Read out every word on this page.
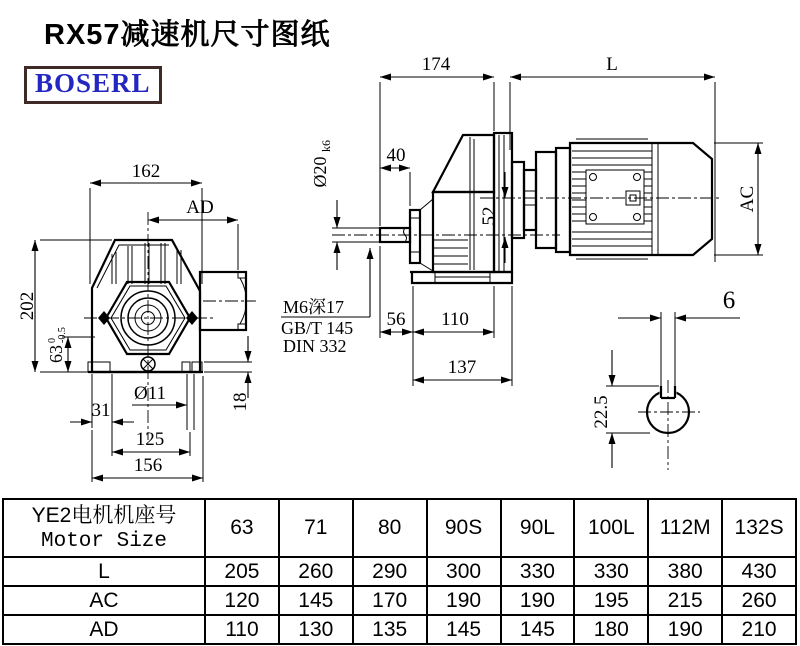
RX57减速机尺寸图纸
BOSERL
162
AD
202
63
0 -0.5
31
Ø11
125
156
18
174	L
40
Ø20
k6
52
AC
56 110
137
M6深17
GB/T 145
DIN 332
6
22.5
YE2电机机座号
Motor Size	63	71	80	90S	90L	100L	112M	132S
L	205	260	290	300	330	330	380	430
AC	120	145	170	190	190	195	215	260
AD	110	130	135	145	145	180	190	210
